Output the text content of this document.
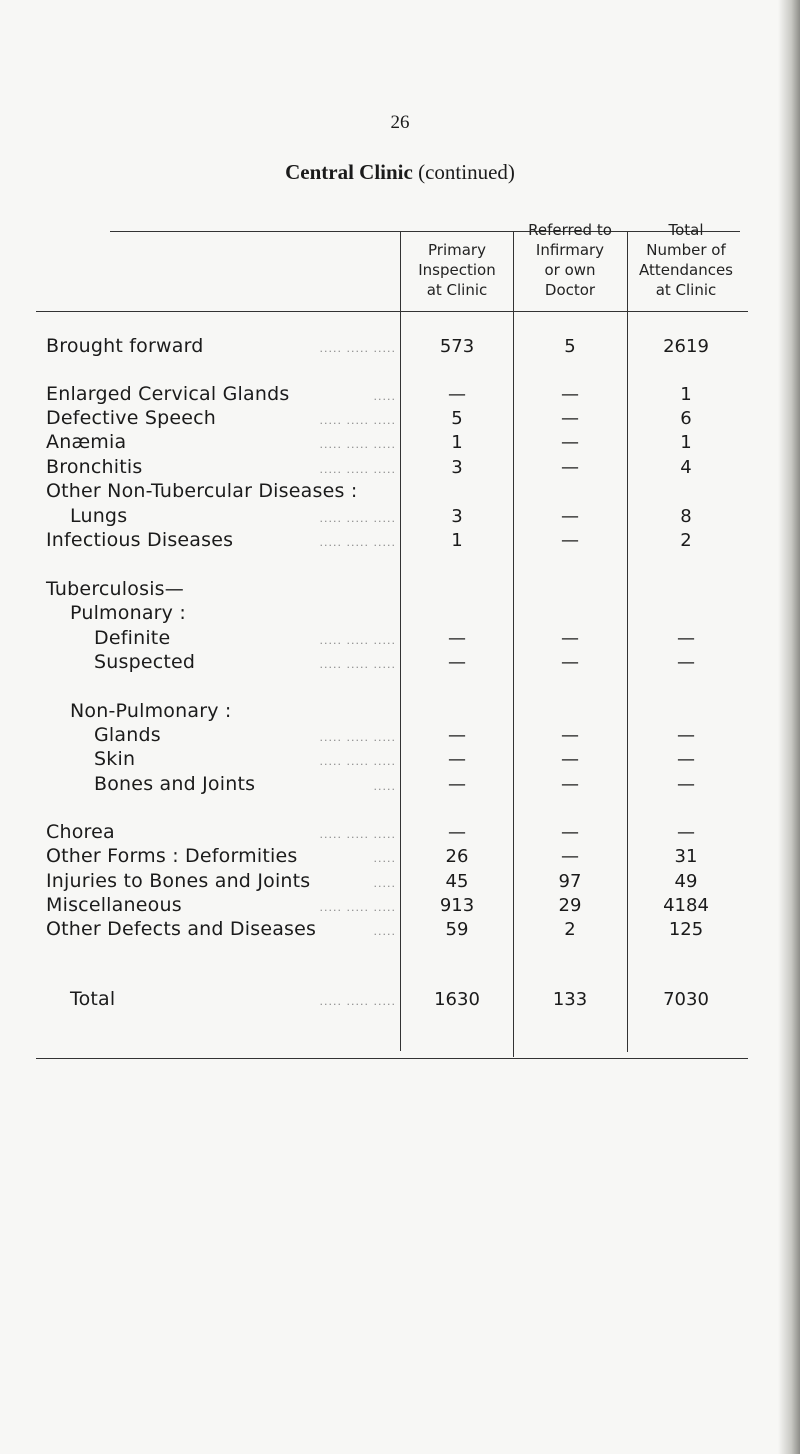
26
Central Clinic (continued)
Primary
Inspection
at Clinic
Referred to
Infirmary
or own
Doctor
Total
Number of
Attendances
at Clinic
Brought forward	..... ..... .....	573	5	2619
Enlarged Cervical Glands	.....	—	—	1
Defective Speech	..... ..... .....	5	—	6
Anæmia	..... ..... .....	1	—	1
Bronchitis	..... ..... .....	3	—	4
Other Non-Tubercular Diseases :
Lungs	..... ..... .....	3	—	8
Infectious Diseases	..... ..... .....	1	—	2
Tuberculosis—
Pulmonary :
Definite	..... ..... .....	—	—	—
Suspected	..... ..... .....	—	—	—
Non-Pulmonary :
Glands	..... ..... .....	—	—	—
Skin	..... ..... .....	—	—	—
Bones and Joints	.....	—	—	—
Chorea	..... ..... .....	—	—	—
Other Forms : Deformities	.....	26	—	31
Injuries to Bones and Joints	.....	45	97	49
Miscellaneous	..... ..... .....	913	29	4184
Other Defects and Diseases	.....	59	2	125
Total	..... ..... .....	1630	133	7030
